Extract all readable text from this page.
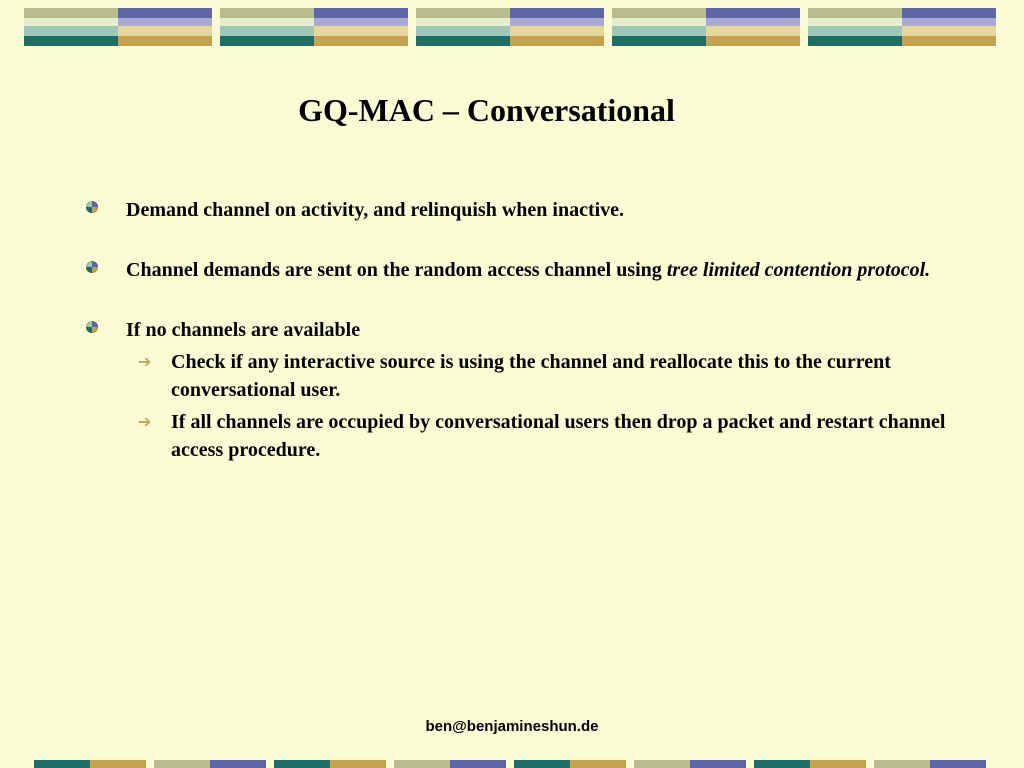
GQ-MAC – Conversational
Demand channel on activity, and relinquish when inactive.
Channel demands are sent on the random access channel using tree limited contention protocol.
If no channels are available
➔ Check if any interactive source is using the channel and reallocate this to the current conversational user.
➔ If all channels are occupied by conversational users then drop a packet and restart channel access procedure.
ben@benjamineshun.de
